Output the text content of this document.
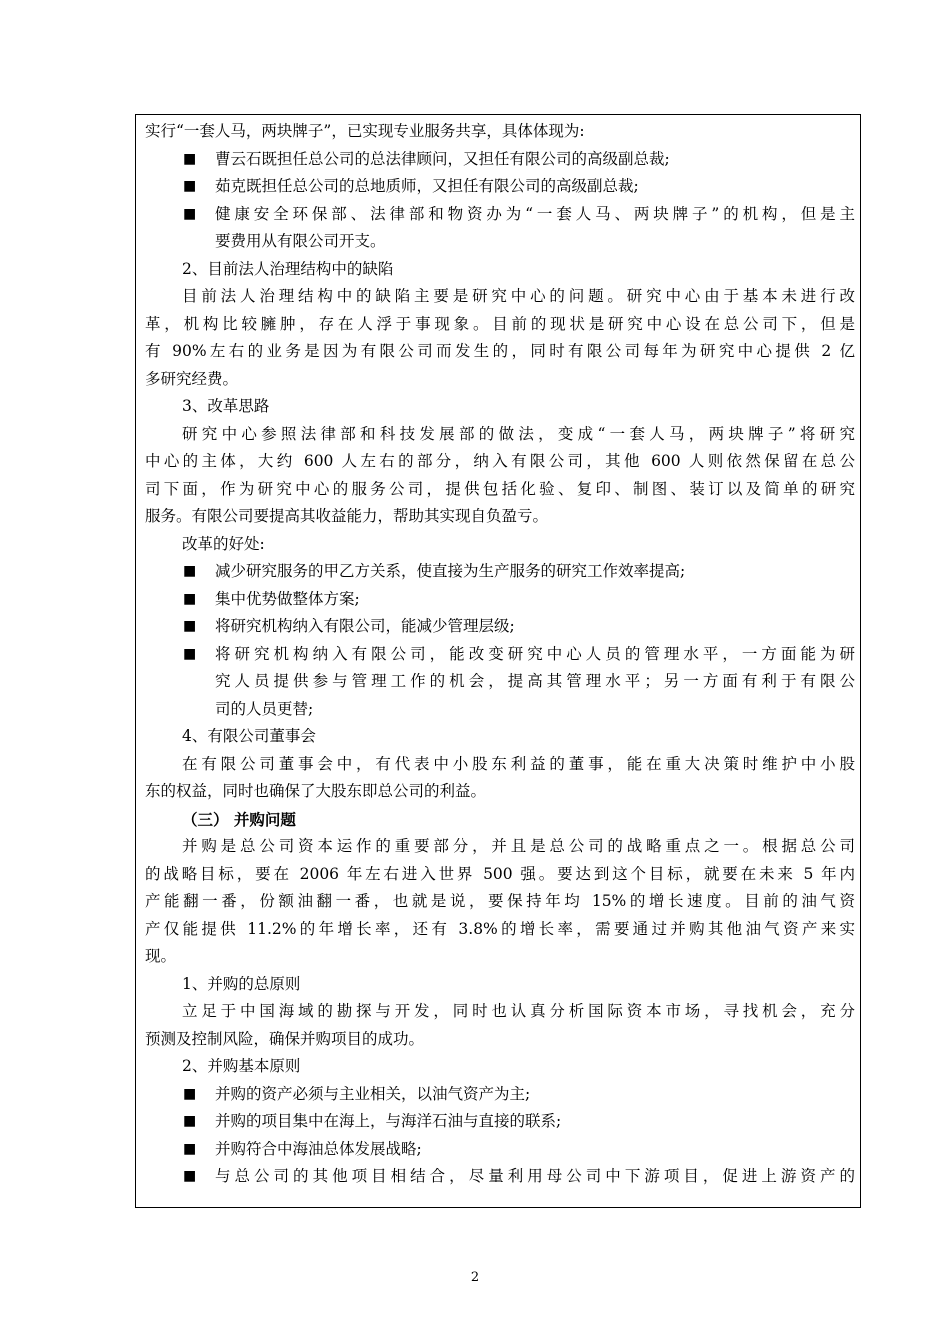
实行“一套人马，两块牌子”，已实现专业服务共享，具体体现为:
■ 曹云石既担任总公司的总法律顾问，又担任有限公司的高级副总裁;
■ 茹克既担任总公司的总地质师，又担任有限公司的高级副总裁;
■ 健康安全环保部、法律部和物资办为“一套人马、两块牌子”的机构，但是主
要费用从有限公司开支。
2、目前法人治理结构中的缺陷
目前法人治理结构中的缺陷主要是研究中心的问题。研究中心由于基本未进行改
革，机构比较臃肿，存在人浮于事现象。目前的现状是研究中心设在总公司下，但是
有 90%左右的业务是因为有限公司而发生的，同时有限公司每年为研究中心提供 2 亿
多研究经费。
3、改革思路
研究中心参照法律部和科技发展部的做法，变成“一套人马，两块牌子”将研究
中心的主体，大约 600 人左右的部分，纳入有限公司，其他 600 人则依然保留在总公
司下面，作为研究中心的服务公司，提供包括化验、复印、制图、装订以及简单的研究
服务。有限公司要提高其收益能力，帮助其实现自负盈亏。
改革的好处:
■ 减少研究服务的甲乙方关系，使直接为生产服务的研究工作效率提高;
■ 集中优势做整体方案;
■ 将研究机构纳入有限公司，能减少管理层级;
■ 将研究机构纳入有限公司，能改变研究中心人员的管理水平，一方面能为研
究人员提供参与管理工作的机会，提高其管理水平；另一方面有利于有限公
司的人员更替;
4、有限公司董事会
在有限公司董事会中，有代表中小股东利益的董事，能在重大决策时维护中小股
东的权益，同时也确保了大股东即总公司的利益。
（三） 并购问题
并购是总公司资本运作的重要部分，并且是总公司的战略重点之一。根据总公司
的战略目标，要在 2006 年左右进入世界 500 强。要达到这个目标，就要在未来 5 年内
产能翻一番，份额油翻一番，也就是说，要保持年均 15%的增长速度。目前的油气资
产仅能提供 11.2%的年增长率，还有 3.8%的增长率，需要通过并购其他油气资产来实
现。
1、并购的总原则
立足于中国海域的勘探与开发，同时也认真分析国际资本市场，寻找机会，充分
预测及控制风险，确保并购项目的成功。
2、并购基本原则
■ 并购的资产必须与主业相关，以油气资产为主;
■ 并购的项目集中在海上，与海洋石油与直接的联系;
■ 并购符合中海油总体发展战略;
■ 与总公司的其他项目相结合，尽量利用母公司中下游项目，促进上游资产的
2
